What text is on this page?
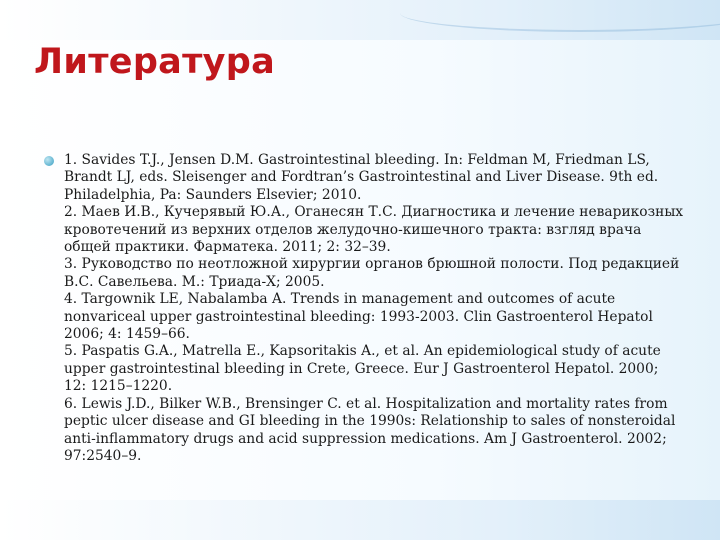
Литература

1. Savides T.J., Jensen D.M. Gastrointestinal bleeding. In: Feldman M, Friedman LS, Brandt LJ, eds. Sleisenger and Fordtran’s Gastrointestinal and Liver Disease. 9th ed. Philadelphia, Pa: Saunders Elsevier; 2010.

2. Маев И.В., Кучерявый Ю.А., Оганесян Т.С. Диагностика и лечение неварикозных кровотечений из верхних отделов желудочно-кишечного тракта: взгляд врача общей практики. Фарматека. 2011; 2: 32–39.

3. Руководство по неотложной хирургии органов брюшной полости. Под редакцией В.С. Савельева. М.: Триада-Х; 2005.

4. Targownik LE, Nabalamba A. Trends in management and outcomes of acute nonvariceal upper gastrointestinal bleeding: 1993-2003. Clin Gastroenterol Hepatol 2006; 4: 1459–66.

5. Paspatis G.A., Matrella E., Kapsoritakis A., et al. An epidemiological study of acute upper gastrointestinal bleeding in Crete, Greece. Eur J Gastroenterol Hepatol. 2000; 12: 1215–1220.

6. Lewis J.D., Bilker W.B., Brensinger C. et al. Hospitalization and mortality rates from peptic ulcer disease and GI bleeding in the 1990s: Relationship to sales of nonsteroidal anti-inflammatory drugs and acid suppression medications. Am J Gastroenterol. 2002; 97:2540–9.
